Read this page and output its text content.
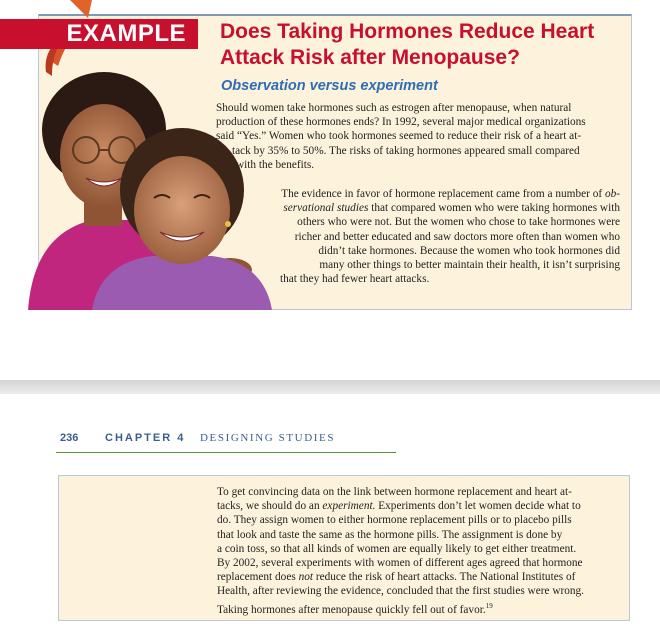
EXAMPLE	Does Taking Hormones Reduce Heart
Attack Risk after Menopause?
Observation versus experiment
Should women take hormones such as estrogen after menopause, when natural
production of these hormones ends? In 1992, several major medical organizations
said “Yes.” Women who took hormones seemed to reduce their risk of a heart at-
tack by 35% to 50%. The risks of taking hormones appeared small compared
with the benefits.
The evidence in favor of hormone replacement came from a number of ob-
servational studies that compared women who were taking hormones with
others who were not. But the women who chose to take hormones were
richer and better educated and saw doctors more often than women who
didn’t take hormones. Because the women who took hormones did
many other things to better maintain their health, it isn’t surprising
that they had fewer heart attacks.
236 CHAPTER 4 DESIGNING STUDIES
To get convincing data on the link between hormone replacement and heart at-
tacks, we should do an experiment. Experiments don’t let women decide what to
do. They assign women to either hormone replacement pills or to placebo pills
that look and taste the same as the hormone pills. The assignment is done by
a coin toss, so that all kinds of women are equally likely to get either treatment.
By 2002, several experiments with women of different ages agreed that hormone
replacement does not reduce the risk of heart attacks. The National Institutes of
Health, after reviewing the evidence, concluded that the first studies were wrong.
Taking hormones after menopause quickly fell out of favor.$^{19}$
